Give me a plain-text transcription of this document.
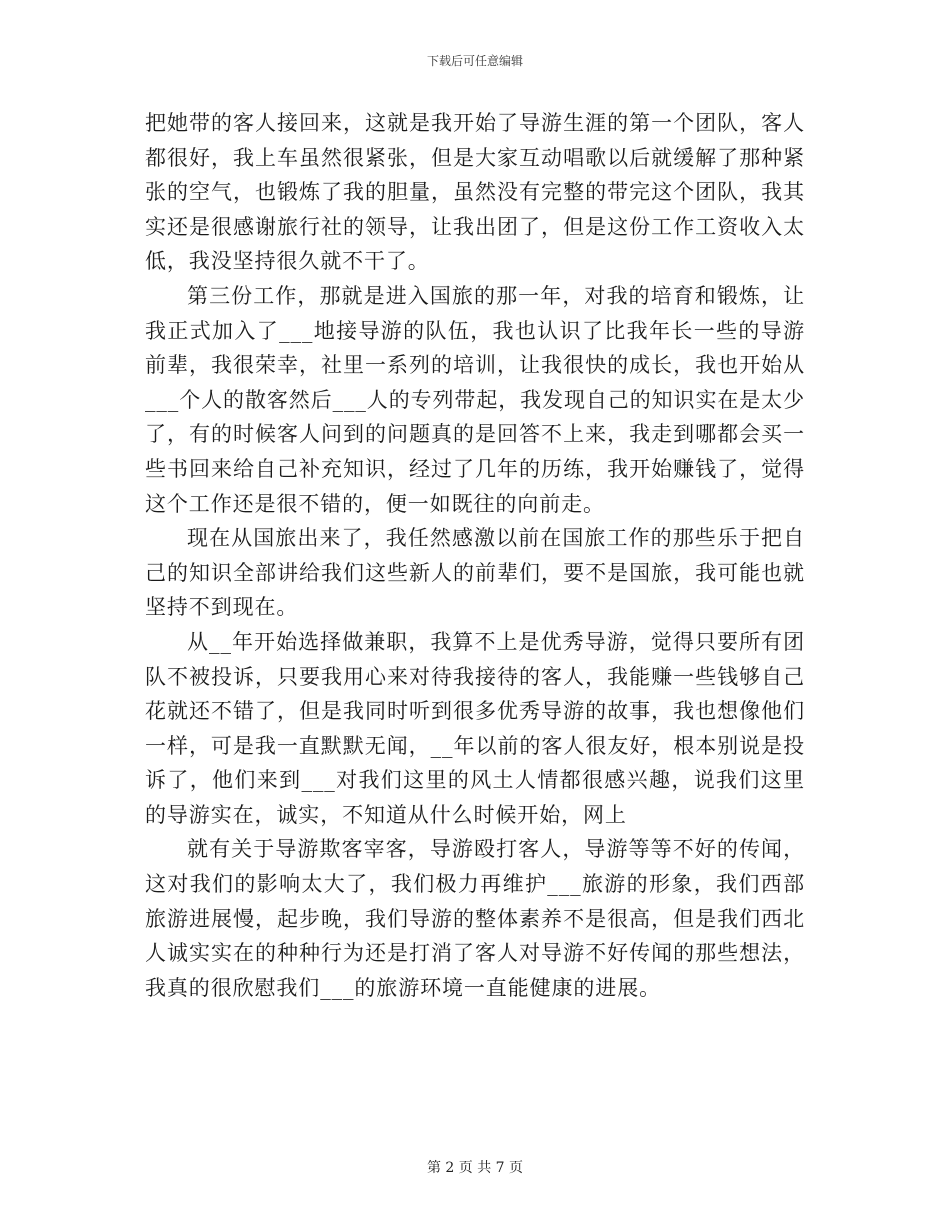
下载后可任意编辑

把她带的客人接回来，这就是我开始了导游生涯的第一个团队，客人都很好，我上车虽然很紧张，但是大家互动唱歌以后就缓解了那种紧张的空气，也锻炼了我的胆量，虽然没有完整的带完这个团队，我其实还是很感谢旅行社的领导，让我出团了，但是这份工作工资收入太低，我没坚持很久就不干了。

第三份工作，那就是进入国旅的那一年，对我的培育和锻炼，让我正式加入了___地接导游的队伍，我也认识了比我年长一些的导游前辈，我很荣幸，社里一系列的培训，让我很快的成长，我也开始从___个人的散客然后___人的专列带起，我发现自己的知识实在是太少了，有的时候客人问到的问题真的是回答不上来，我走到哪都会买一些书回来给自己补充知识，经过了几年的历练，我开始赚钱了，觉得这个工作还是很不错的，便一如既往的向前走。

现在从国旅出来了，我任然感激以前在国旅工作的那些乐于把自己的知识全部讲给我们这些新人的前辈们，要不是国旅，我可能也就坚持不到现在。

从__年开始选择做兼职，我算不上是优秀导游，觉得只要所有团队不被投诉，只要我用心来对待我接待的客人，我能赚一些钱够自己花就还不错了，但是我同时听到很多优秀导游的故事，我也想像他们一样，可是我一直默默无闻，__年以前的客人很友好，根本别说是投诉了，他们来到___对我们这里的风土人情都很感兴趣，说我们这里的导游实在，诚实，不知道从什么时候开始，网上

就有关于导游欺客宰客，导游殴打客人，导游等等不好的传闻，这对我们的影响太大了，我们极力再维护___旅游的形象，我们西部旅游进展慢，起步晚，我们导游的整体素养不是很高，但是我们西北人诚实实在的种种行为还是打消了客人对导游不好传闻的那些想法，我真的很欣慰我们___的旅游环境一直能健康的进展。

第 2 页 共 7 页
